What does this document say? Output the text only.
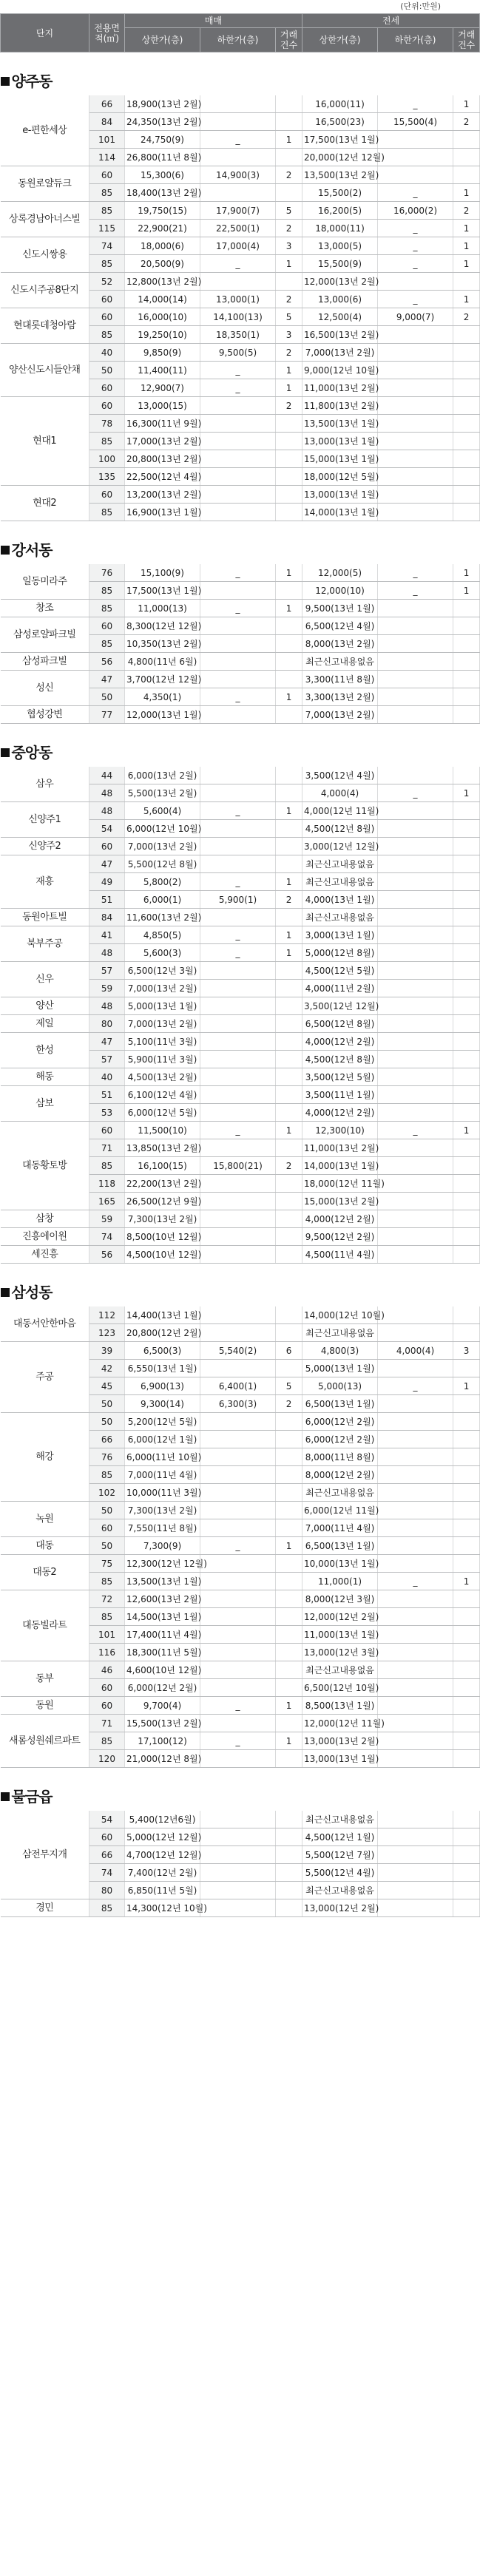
(단위:만원)
단지	전용면적(㎡)	매매			전세		
		상한가(층)	하한가(층)	거래건수	상한가(층)	하한가(층)	거래건수
양주동							
e-편한세상	66	18,900(13년 2월)			16,000(11)	_	1
	84	24,350(13년 2월)			16,500(23)	15,500(4)	2
	101	24,750(9)	_	1	17,500(13년 1월)		
	114	26,800(11년 8월)			20,000(12년 12월)		
동원로얄듀크	60	15,300(6)	14,900(3)	2	13,500(13년 2월)		
	85	18,400(13년 2월)			15,500(2)	_	1
상록경남아너스빌	85	19,750(15)	17,900(7)	5	16,200(5)	16,000(2)	2
	115	22,900(21)	22,500(1)	2	18,000(11)	_	1
신도시쌍용	74	18,000(6)	17,000(4)	3	13,000(5)	_	1
	85	20,500(9)	_	1	15,500(9)	_	1
신도시주공8단지	52	12,800(13년 2월)			12,000(13년 2월)		
	60	14,000(14)	13,000(1)	2	13,000(6)	_	1
현대롯데청아람	60	16,000(10)	14,100(13)	5	12,500(4)	9,000(7)	2
	85	19,250(10)	18,350(1)	3	16,500(13년 2월)		
양산신도시들안채	40	9,850(9)	9,500(5)	2	7,000(13년 2월)		
	50	11,400(11)	_	1	9,000(12년 10월)		
	60	12,900(7)	_	1	11,000(13년 2월)		
현대1	60	13,000(15)		2	11,800(13년 2월)		
	78	16,300(11년 9월)			13,500(13년 1월)		
	85	17,000(13년 2월)			13,000(13년 1월)		
	100	20,800(13년 2월)			15,000(13년 1월)		
	135	22,500(12년 4월)			18,000(12년 5월)		
현대2	60	13,200(13년 2월)			13,000(13년 1월)		
	85	16,900(13년 1월)			14,000(13년 1월)		
강서동							
일동미라주	76	15,100(9)	_	1	12,000(5)	_	1
	85	17,500(13년 1월)			12,000(10)	_	1
창조	85	11,000(13)	_	1	9,500(13년 1월)		
삼성로얄파크빌	60	8,300(12년 12월)			6,500(12년 4월)		
	85	10,350(13년 2월)			8,000(13년 2월)		
삼성파크빌	56	4,800(11년 6월)			최근신고내용없음		
성신	47	3,700(12년 12월)			3,300(11년 8월)		
	50	4,350(1)	_	1	3,300(13년 2월)		
협성강변	77	12,000(13년 1월)			7,000(13년 2월)		
중앙동							
삼우	44	6,000(13년 2월)			3,500(12년 4월)		
	48	5,500(13년 2월)			4,000(4)	_	1
신양주1	48	5,600(4)	_	1	4,000(12년 11월)		
	54	6,000(12년 10월)			4,500(12년 8월)		
신양주2	60	7,000(13년 2월)			3,000(12년 12월)		
재흥	47	5,500(12년 8월)			최근신고내용없음		
	49	5,800(2)	_	1	최근신고내용없음		
	51	6,000(1)	5,900(1)	2	4,000(13년 1월)		
동원아트빌	84	11,600(13년 2월)			최근신고내용없음		
북부주공	41	4,850(5)	_	1	3,000(13년 1월)		
	48	5,600(3)	_	1	5,000(12년 8월)		
신우	57	6,500(12년 3월)			4,500(12년 5월)		
	59	7,000(13년 2월)			4,000(11년 2월)		
양산	48	5,000(13년 1월)			3,500(12년 12월)		
제일	80	7,000(13년 2월)			6,500(12년 8월)		
한성	47	5,100(11년 3월)			4,000(12년 2월)		
	57	5,900(11년 3월)			4,500(12년 8월)		
해동	40	4,500(13년 2월)			3,500(12년 5월)		
삼보	51	6,100(12년 4월)			3,500(11년 1월)		
	53	6,000(12년 5월)			4,000(12년 2월)		
대동황토방	60	11,500(10)	_	1	12,300(10)	_	1
	71	13,850(13년 2월)			11,000(13년 2월)		
	85	16,100(15)	15,800(21)	2	14,000(13년 1월)		
	118	22,200(13년 2월)			18,000(12년 11월)		
	165	26,500(12년 9월)			15,000(13년 2월)		
삼창	59	7,300(13년 2월)			4,000(12년 2월)		
진흥에이원	74	8,500(10년 12월)			9,500(12년 2월)		
세진흥	56	4,500(10년 12월)			4,500(11년 4월)		
삼성동							
대동서안한마음	112	14,400(13년 1월)			14,000(12년 10월)		
	123	20,800(12년 2월)			최근신고내용없음		
주공	39	6,500(3)	5,540(2)	6	4,800(3)	4,000(4)	3
	42	6,550(13년 1월)			5,000(13년 1월)		
	45	6,900(13)	6,400(1)	5	5,000(13)	_	1
	50	9,300(14)	6,300(3)	2	6,500(13년 1월)		
해강	50	5,200(12년 5월)			6,000(12년 2월)		
	66	6,000(12년 1월)			6,000(12년 2월)		
	76	6,000(11년 10월)			8,000(11년 8월)		
	85	7,000(11년 4월)			8,000(12년 2월)		
	102	10,000(11년 3월)			최근신고내용없음		
녹원	50	7,300(13년 2월)			6,000(12년 11월)		
	60	7,550(11년 8월)			7,000(11년 4월)		
대동	50	7,300(9)	_	1	6,500(13년 1월)		
대동2	75	12,300(12년 12월)			10,000(13년 1월)		
	85	13,500(13년 1월)			11,000(1)	_	1
대동빌라트	72	12,600(13년 2월)			8,000(12년 3월)		
	85	14,500(13년 1월)			12,000(12년 2월)		
	101	17,400(11년 4월)			11,000(13년 1월)		
	116	18,300(11년 5월)			13,000(12년 3월)		
동부	46	4,600(10년 12월)			최근신고내용없음		
	60	6,000(12년 2월)			6,500(12년 10월)		
동원	60	9,700(4)	_	1	8,500(13년 1월)		
새롬성원쉐르파트	71	15,500(13년 2월)			12,000(12년 11월)		
	85	17,100(12)	_	1	13,000(13년 2월)		
	120	21,000(12년 8월)			13,000(13년 1월)		
물금읍							
삼전무지개	54	5,400(12년6월)			최근신고내용없음		
	60	5,000(12년 12월)			4,500(12년 1월)		
	66	4,700(12년 12월)			5,500(12년 7월)		
	74	7,400(12년 2월)			5,500(12년 4월)		
	80	6,850(11년 5월)			최근신고내용없음		
경민	85	14,300(12년 10월)			13,000(12년 2월)		
